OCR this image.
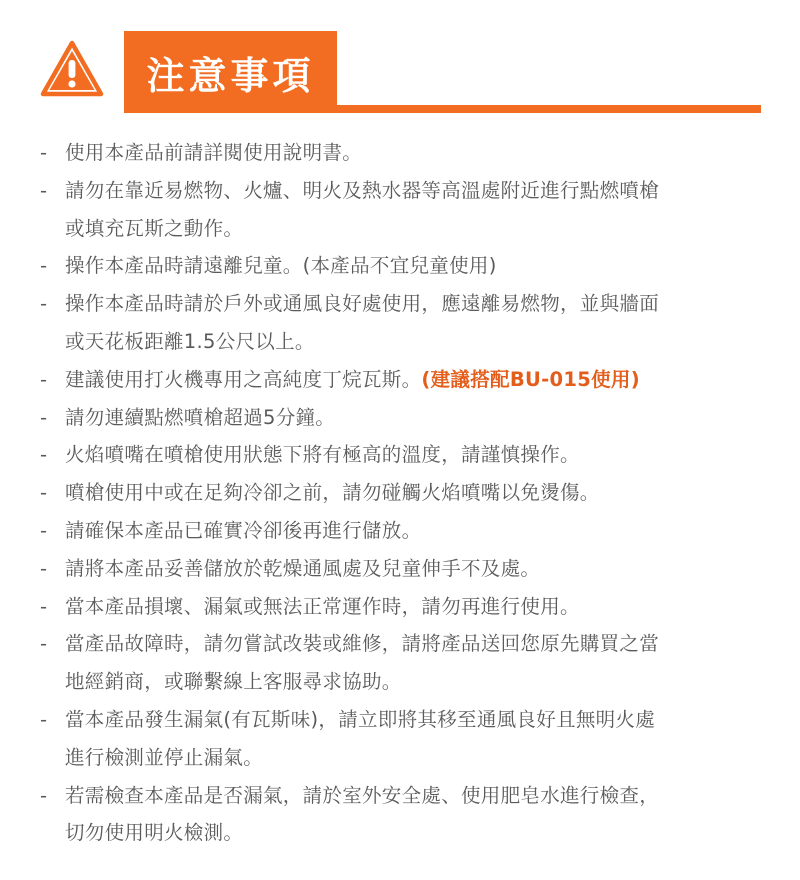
注意事項
- 使用本產品前請詳閱使用說明書。
- 請勿在靠近易燃物、火爐、明火及熱水器等高溫處附近進行點燃噴槍
或填充瓦斯之動作。
- 操作本產品時請遠離兒童。(本產品不宜兒童使用)
- 操作本產品時請於戶外或通風良好處使用，應遠離易燃物，並與牆面
或天花板距離1.5公尺以上。
- 建議使用打火機專用之高純度丁烷瓦斯。(建議搭配BU-015使用)
- 請勿連續點燃噴槍超過5分鐘。
- 火焰噴嘴在噴槍使用狀態下將有極高的溫度，請謹慎操作。
- 噴槍使用中或在足夠冷卻之前，請勿碰觸火焰噴嘴以免燙傷。
- 請確保本產品已確實冷卻後再進行儲放。
- 請將本產品妥善儲放於乾燥通風處及兒童伸手不及處。
- 當本產品損壞、漏氣或無法正常運作時，請勿再進行使用。
- 當產品故障時，請勿嘗試改裝或維修，請將產品送回您原先購買之當
地經銷商，或聯繫線上客服尋求協助。
- 當本產品發生漏氣(有瓦斯味)，請立即將其移至通風良好且無明火處
進行檢測並停止漏氣。
- 若需檢查本產品是否漏氣，請於室外安全處、使用肥皂水進行檢查，
切勿使用明火檢測。
